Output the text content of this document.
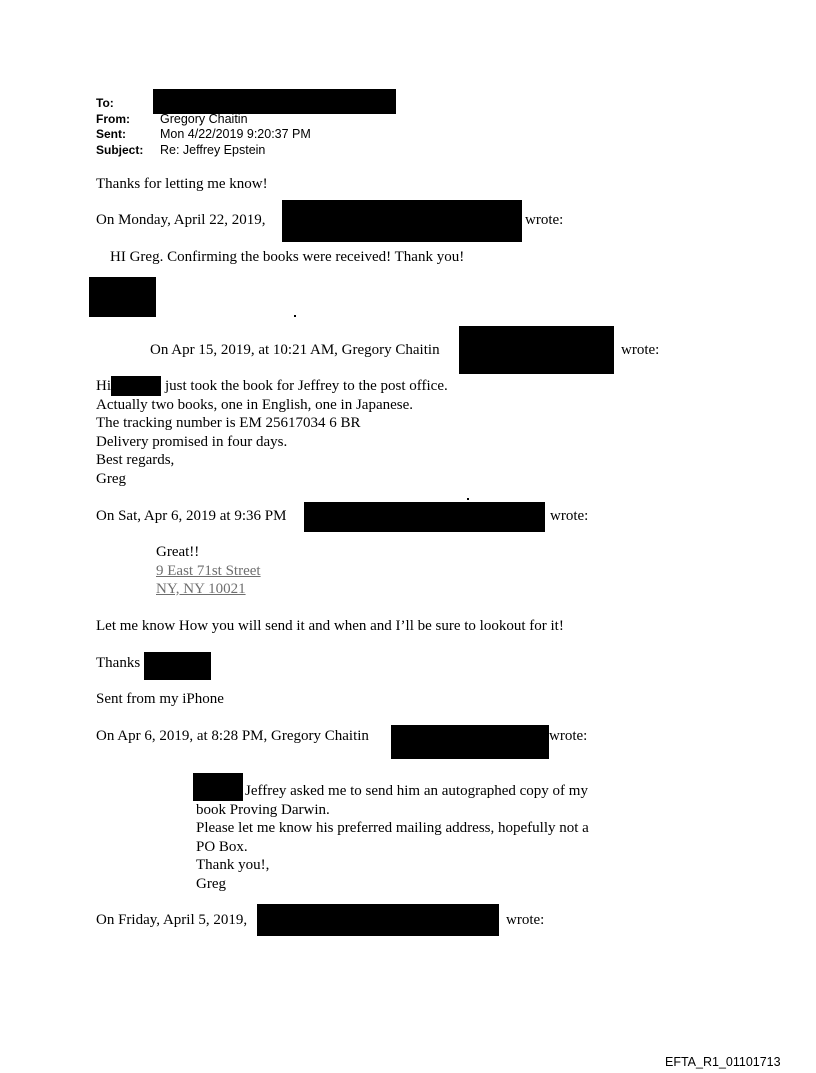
To:
From: Gregory Chaitin
Sent:	Mon 4/22/2019 9:20:37 PM
Subject: Re: Jeffrey Epstein
Thanks for letting me know!
On Monday, April 22, 2019,	wrote:
HI Greg. Confirming the books were received! Thank you!
On Apr 15, 2019, at 10:21 AM, Gregory Chaitin	wrote:
Hi	just took the book for Jeffrey to the post office.
Actually two books, one in English, one in Japanese.
The tracking number is EM 25617034 6 BR
Delivery promised in four days.
Best regards,
Greg
On Sat, Apr 6, 2019 at 9:36 PM	wrote:
Great!!
9 East 71st Street
NY, NY 10021
Let me know How you will send it and when and I’ll be sure to lookout for it!
Thanks
Sent from my iPhone
On Apr 6, 2019, at 8:28 PM, Gregory Chaitin	wrote:
Jeffrey asked me to send him an autographed copy of my
book Proving Darwin.
Please let me know his preferred mailing address, hopefully not a
PO Box.
Thank you!,
Greg
On Friday, April 5, 2019,	wrote:
EFTA_R1_01101713
